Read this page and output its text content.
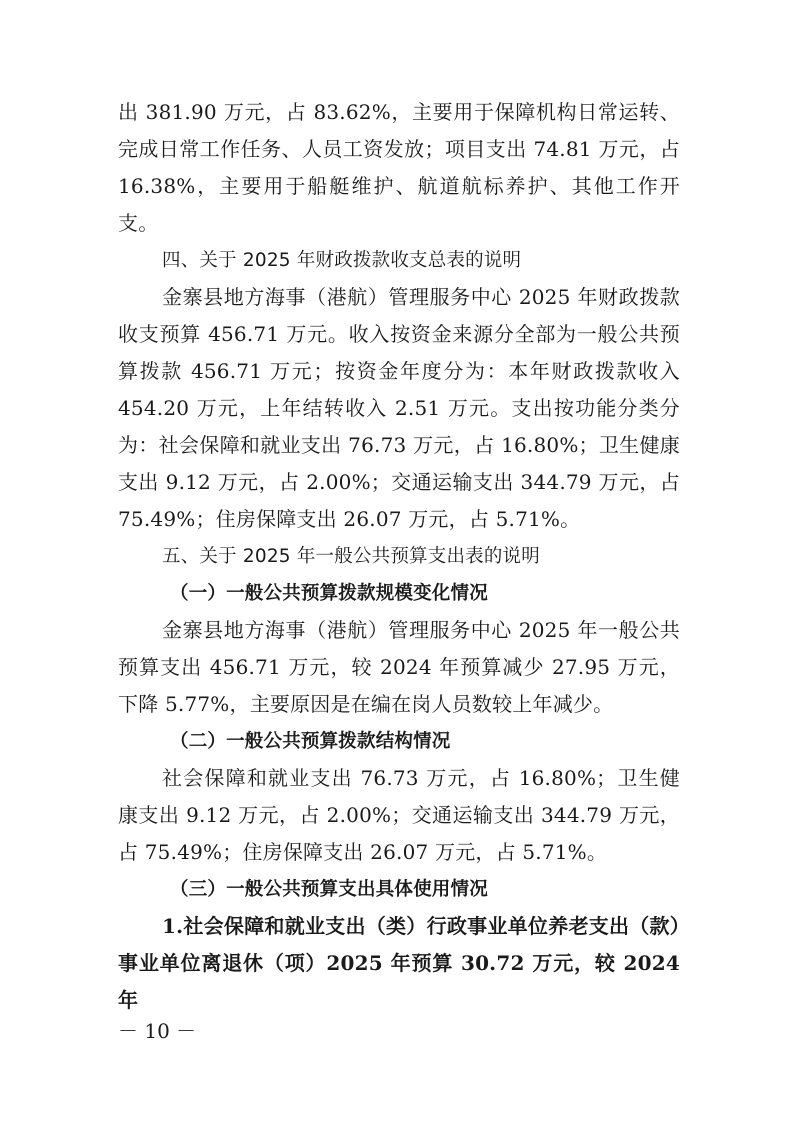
出 381.90 万元，占 83.62%，主要用于保障机构日常运转、完成日常工作任务、人员工资发放；项目支出 74.81 万元，占 16.38%，主要用于船艇维护、航道航标养护、其他工作开支。

四、关于 2025 年财政拨款收支总表的说明

金寨县地方海事（港航）管理服务中心 2025 年财政拨款收支预算 456.71 万元。收入按资金来源分全部为一般公共预算拨款 456.71 万元；按资金年度分为：本年财政拨款收入 454.20 万元，上年结转收入 2.51 万元。支出按功能分类分为：社会保障和就业支出 76.73 万元，占 16.80%；卫生健康支出 9.12 万元，占 2.00%；交通运输支出 344.79 万元，占 75.49%；住房保障支出 26.07 万元，占 5.71%。

五、关于 2025 年一般公共预算支出表的说明

（一）一般公共预算拨款规模变化情况

金寨县地方海事（港航）管理服务中心 2025 年一般公共预算支出 456.71 万元，较 2024 年预算减少 27.95 万元，下降 5.77%，主要原因是在编在岗人员数较上年减少。

（二）一般公共预算拨款结构情况

社会保障和就业支出 76.73 万元，占 16.80%；卫生健康支出 9.12 万元，占 2.00%；交通运输支出 344.79 万元，占 75.49%；住房保障支出 26.07 万元，占 5.71%。

（三）一般公共预算支出具体使用情况

1.社会保障和就业支出（类）行政事业单位养老支出（款）事业单位离退休（项）2025 年预算 30.72 万元，较 2024 年

－ 10 －
